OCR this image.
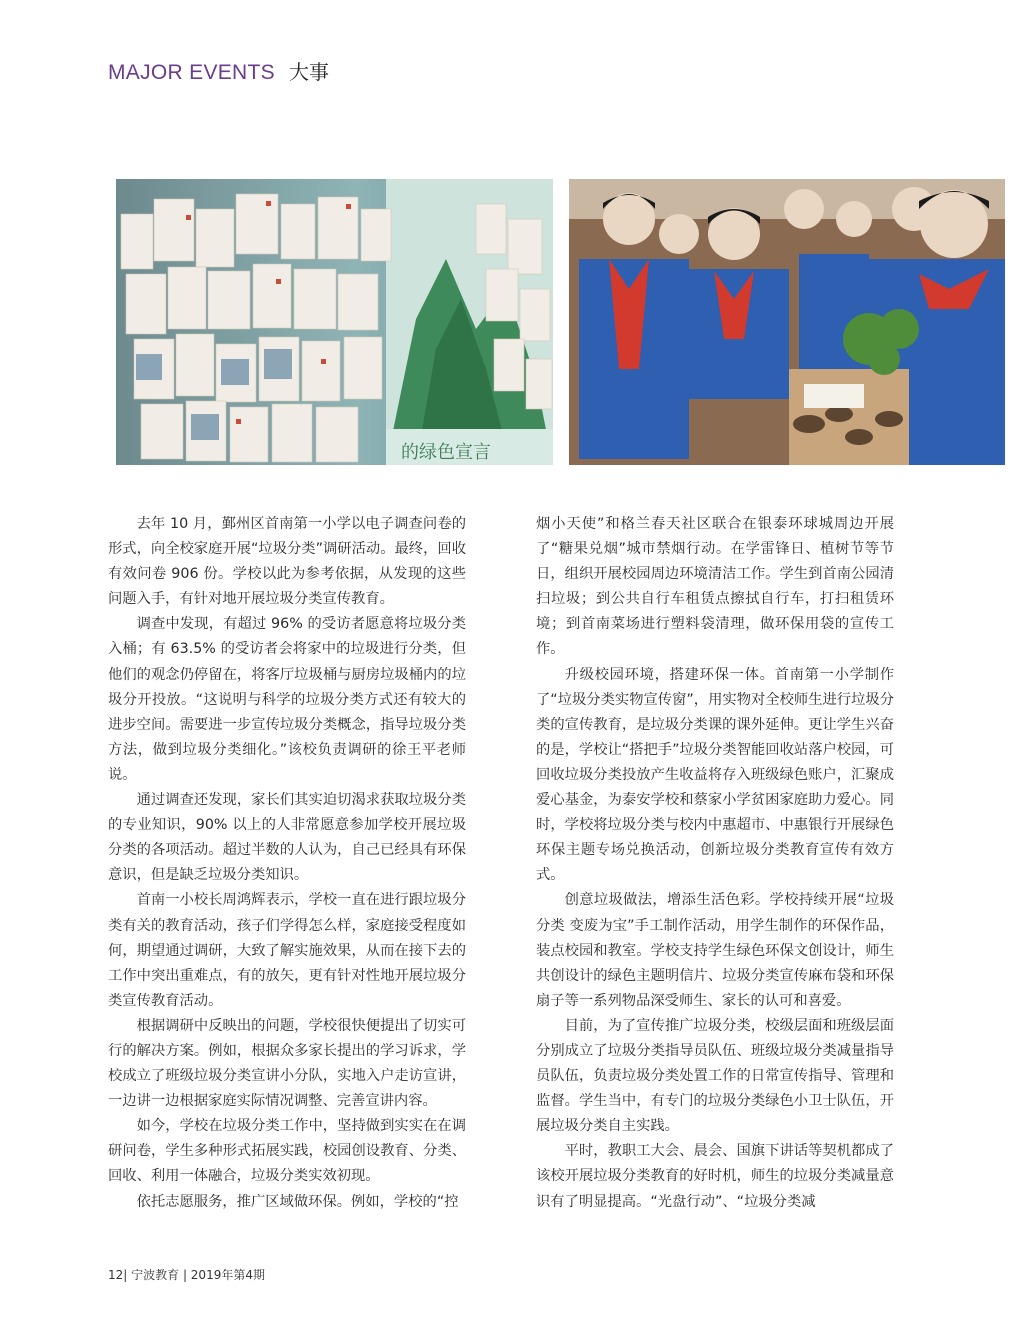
MAJOR EVENTS 大事
的绿色宣言

去年 10 月，鄞州区首南第一小学以电子调查问卷的形式，向全校家庭开展“垃圾分类”调研活动。最终，回收有效问卷 906 份。学校以此为参考依据，从发现的这些问题入手，有针对地开展垃圾分类宣传教育。

调查中发现，有超过 96% 的受访者愿意将垃圾分类入桶；有 63.5% 的受访者会将家中的垃圾进行分类，但他们的观念仍停留在，将客厅垃圾桶与厨房垃圾桶内的垃圾分开投放。“这说明与科学的垃圾分类方式还有较大的进步空间。需要进一步宣传垃圾分类概念，指导垃圾分类方法，做到垃圾分类细化。”该校负责调研的徐王平老师说。

通过调查还发现，家长们其实迫切渴求获取垃圾分类的专业知识，90% 以上的人非常愿意参加学校开展垃圾分类的各项活动。超过半数的人认为，自己已经具有环保意识，但是缺乏垃圾分类知识。

首南一小校长周鸿辉表示，学校一直在进行跟垃圾分类有关的教育活动，孩子们学得怎么样，家庭接受程度如何，期望通过调研，大致了解实施效果，从而在接下去的工作中突出重难点，有的放矢，更有针对性地开展垃圾分类宣传教育活动。

根据调研中反映出的问题，学校很快便提出了切实可行的解决方案。例如，根据众多家长提出的学习诉求，学校成立了班级垃圾分类宣讲小分队，实地入户走访宣讲，一边讲一边根据家庭实际情况调整、完善宣讲内容。

如今，学校在垃圾分类工作中，坚持做到实实在在调研问卷，学生多种形式拓展实践，校园创设教育、分类、回收、利用一体融合，垃圾分类实效初现。

依托志愿服务，推广区域做环保。例如，学校的“控

烟小天使”和格兰春天社区联合在银泰环球城周边开展了“糖果兑烟”城市禁烟行动。在学雷锋日、植树节等节日，组织开展校园周边环境清洁工作。学生到首南公园清扫垃圾；到公共自行车租赁点擦拭自行车，打扫租赁环境；到首南菜场进行塑料袋清理，做环保用袋的宣传工作。

升级校园环境，搭建环保一体。首南第一小学制作了“垃圾分类实物宣传窗”，用实物对全校师生进行垃圾分类的宣传教育，是垃圾分类课的课外延伸。更让学生兴奋的是，学校让“搭把手”垃圾分类智能回收站落户校园，可回收垃圾分类投放产生收益将存入班级绿色账户，汇聚成爱心基金，为泰安学校和蔡家小学贫困家庭助力爱心。同时，学校将垃圾分类与校内中惠超市、中惠银行开展绿色环保主题专场兑换活动，创新垃圾分类教育宣传有效方式。

创意垃圾做法，增添生活色彩。学校持续开展“垃圾分类 变废为宝”手工制作活动，用学生制作的环保作品，装点校园和教室。学校支持学生绿色环保文创设计，师生共创设计的绿色主题明信片、垃圾分类宣传麻布袋和环保扇子等一系列物品深受师生、家长的认可和喜爱。

目前，为了宣传推广垃圾分类，校级层面和班级层面分别成立了垃圾分类指导员队伍、班级垃圾分类减量指导员队伍，负责垃圾分类处置工作的日常宣传指导、管理和监督。学生当中，有专门的垃圾分类绿色小卫士队伍，开展垃圾分类自主实践。

平时，教职工大会、晨会、国旗下讲话等契机都成了该校开展垃圾分类教育的好时机，师生的垃圾分类减量意识有了明显提高。“光盘行动”、“垃圾分类减

12| 宁波教育 | 2019年第4期
